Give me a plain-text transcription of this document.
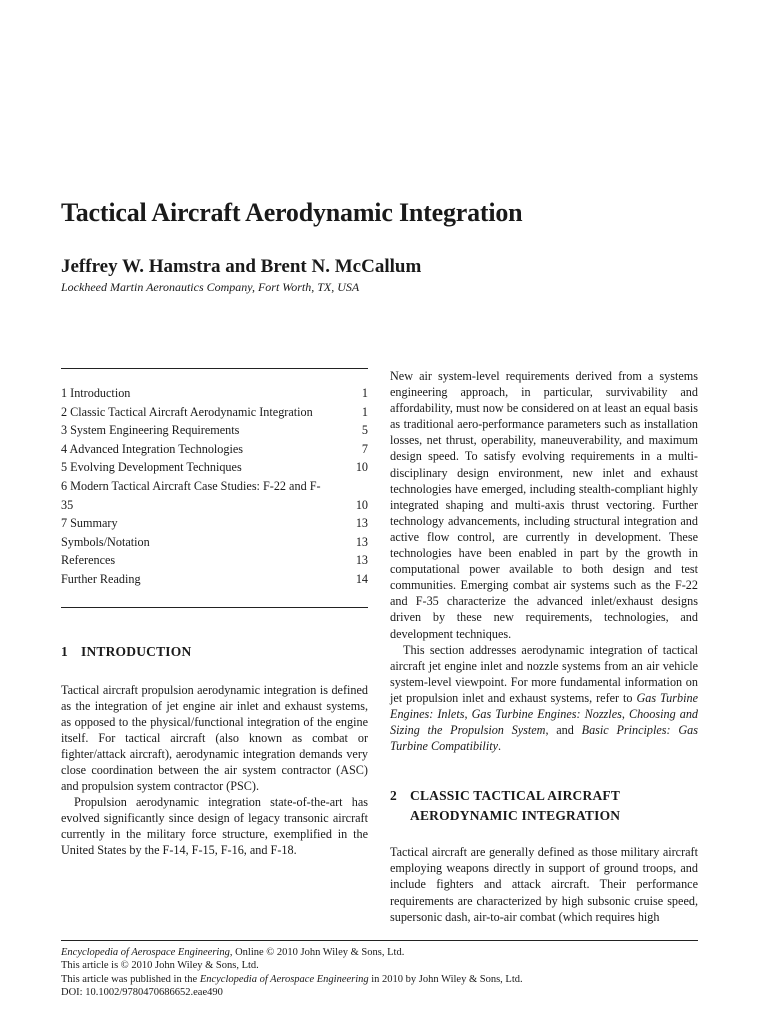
Tactical Aircraft Aerodynamic Integration
Jeffrey W. Hamstra and Brent N. McCallum
Lockheed Martin Aeronautics Company, Fort Worth, TX, USA
1 Introduction	1
2 Classic Tactical Aircraft Aerodynamic Integration	1
3 System Engineering Requirements	5
4 Advanced Integration Technologies	7
5 Evolving Development Techniques	10
6 Modern Tactical Aircraft Case Studies: F-22 and F-35	10
7 Summary	13
Symbols/Notation	13
References	13
Further Reading	14
1 INTRODUCTION

Tactical aircraft propulsion aerodynamic integration is defined as the integration of jet engine air inlet and exhaust systems, as opposed to the physical/functional integration of the engine itself. For tactical aircraft (also known as combat or fighter/attack aircraft), aerodynamic integration demands very close coordination between the air system contractor (ASC) and propulsion system contractor (PSC).

Propulsion aerodynamic integration state-of-the-art has evolved significantly since design of legacy transonic aircraft currently in the military force structure, exemplified in the United States by the F-14, F-15, F-16, and F-18.

New air system-level requirements derived from a systems engineering approach, in particular, survivability and affordability, must now be considered on at least an equal basis as traditional aero-performance parameters such as installation losses, net thrust, operability, maneuverability, and maximum design speed. To satisfy evolving requirements in a multi-disciplinary design environment, new inlet and exhaust technologies have emerged, including stealth-compliant highly integrated shaping and multi-axis thrust vectoring. Further technology advancements, including structural integration and active flow control, are currently in development. These technologies have been enabled in part by the growth in computational power available to both design and test communities. Emerging combat air systems such as the F-22 and F-35 characterize the advanced inlet/exhaust designs driven by these new requirements, technologies, and development techniques.

This section addresses aerodynamic integration of tactical aircraft jet engine inlet and nozzle systems from an air vehicle system-level viewpoint. For more fundamental information on jet propulsion inlet and exhaust systems, refer to Gas Turbine Engines: Inlets, Gas Turbine Engines: Nozzles, Choosing and Sizing the Propulsion System, and Basic Principles: Gas Turbine Compatibility.

2 CLASSIC TACTICAL AIRCRAFT
AERODYNAMIC INTEGRATION

Tactical aircraft are generally defined as those military aircraft employing weapons directly in support of ground troops, and include fighters and attack aircraft. Their performance requirements are characterized by high subsonic cruise speed, supersonic dash, air-to-air combat (which requires high

Encyclopedia of Aerospace Engineering, Online © 2010 John Wiley & Sons, Ltd.

This article is © 2010 John Wiley & Sons, Ltd.

This article was published in the Encyclopedia of Aerospace Engineering in 2010 by John Wiley & Sons, Ltd.

DOI: 10.1002/9780470686652.eae490
